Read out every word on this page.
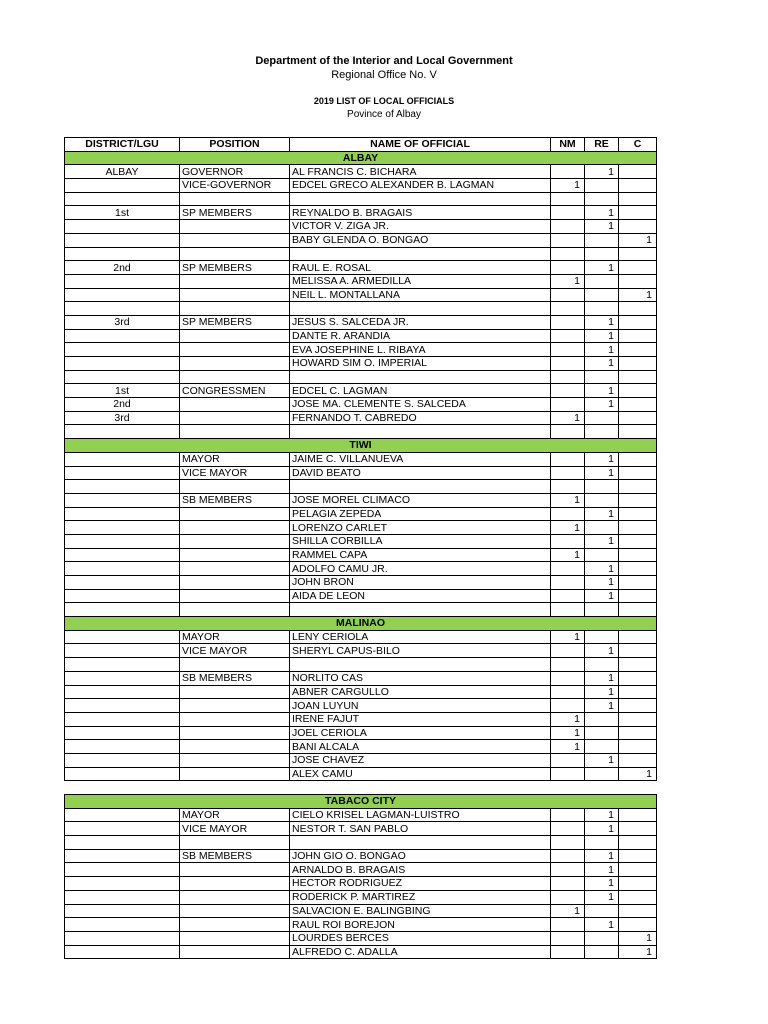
Department of the Interior and Local Government
Regional Office No. V
2019 LIST OF LOCAL OFFICIALS
Povince of Albay
DISTRICT/LGU	POSITION	NAME OF OFFICIAL	NM	RE	C
ALBAY					
ALBAY	GOVERNOR	AL FRANCIS C. BICHARA		1	
	VICE-GOVERNOR	EDCEL GRECO ALEXANDER B. LAGMAN	1		

1st	SP MEMBERS	REYNALDO B. BRAGAIS		1	
		VICTOR V. ZIGA JR.		1	
		BABY GLENDA O. BONGAO			1

2nd	SP MEMBERS	RAUL E. ROSAL		1	
		MELISSA A. ARMEDILLA	1		
		NEIL L. MONTALLANA			1

3rd	SP MEMBERS	JESUS S. SALCEDA JR.		1	
		DANTE R. ARANDIA		1	
		EVA JOSEPHINE L. RIBAYA		1	
		HOWARD SIM O. IMPERIAL		1	

1st	CONGRESSMEN	EDCEL C. LAGMAN		1	
2nd		JOSE MA. CLEMENTE S. SALCEDA		1	
3rd		FERNANDO T. CABREDO	1		

TIWI					
	MAYOR	JAIME C. VILLANUEVA		1	
	VICE MAYOR	DAVID BEATO		1	

	SB MEMBERS	JOSE MOREL CLIMACO	1		
		PELAGIA ZEPEDA		1	
		LORENZO CARLET	1		
		SHILLA CORBILLA		1	
		RAMMEL CAPA	1		
		ADOLFO CAMU JR.		1	
		JOHN BRON		1	
		AIDA DE LEON		1	

MALINAO					
	MAYOR	LENY CERIOLA	1		
	VICE MAYOR	SHERYL CAPUS-BILO		1	

	SB MEMBERS	NORLITO CAS		1	
		ABNER CARGULLO		1	
		JOAN LUYUN		1	
		IRENE FAJUT	1		
		JOEL CERIOLA	1		
		BANI ALCALA	1		
		JOSE CHAVEZ		1	
		ALEX CAMU			1

TABACO CITY					
	MAYOR	CIELO KRISEL LAGMAN-LUISTRO		1	
	VICE MAYOR	NESTOR T. SAN PABLO		1	

	SB MEMBERS	JOHN GIO O. BONGAO		1	
		ARNALDO B. BRAGAIS		1	
		HECTOR RODRIGUEZ		1	
		RODERICK P. MARTIREZ		1	
		SALVACION E. BALINGBING	1		
		RAUL ROI BOREJON		1	
		LOURDES BERCES			1
		ALFREDO C. ADALLA			1
